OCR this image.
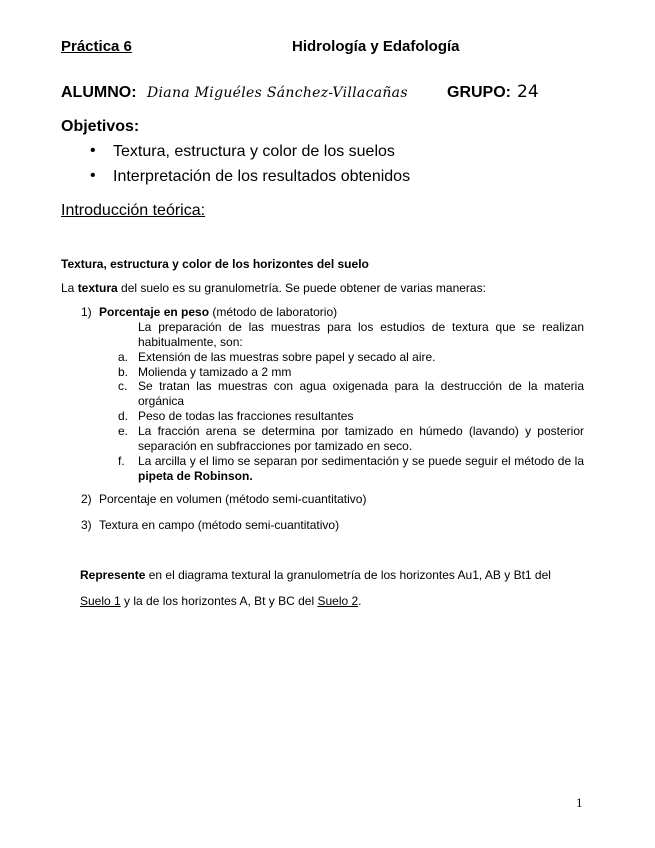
Práctica 6	Hidrología y Edafología
ALUMNO: Diana Miguéles Sánchez-Villacañas GRUPO: 24
Objetivos:
• Textura, estructura y color de los suelos
• Interpretación de los resultados obtenidos
Introducción teórica:
Textura, estructura y color de los horizontes del suelo
La textura del suelo es su granulometría. Se puede obtener de varias maneras:
1) Porcentaje en peso (método de laboratorio)
La preparación de las muestras para los estudios de textura que se realizan habitualmente, son:
a. Extensión de las muestras sobre papel y secado al aire.
b. Molienda y tamizado a 2 mm
c. Se tratan las muestras con agua oxigenada para la destrucción de la materia orgánica
d. Peso de todas las fracciones resultantes
e. La fracción arena se determina por tamizado en húmedo (lavando) y posterior separación en subfracciones por tamizado en seco.
f. La arcilla y el limo se separan por sedimentación y se puede seguir el método de la pipeta de Robinson.
2) Porcentaje en volumen (método semi-cuantitativo)
3) Textura en campo (método semi-cuantitativo)
Represente en el diagrama textural la granulometría de los horizontes Au1, AB y Bt1 del Suelo 1 y la de los horizontes A, Bt y BC del Suelo 2.
1
